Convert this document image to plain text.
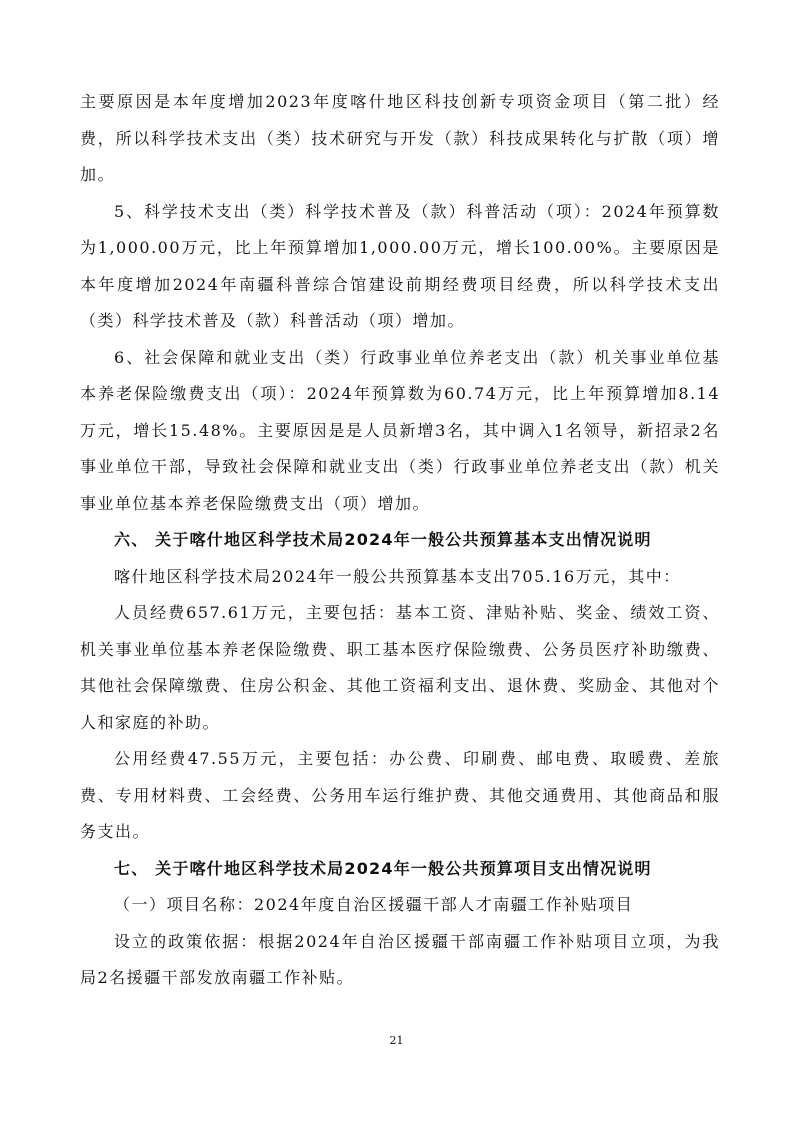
主要原因是本年度增加2023年度喀什地区科技创新专项资金项目（第二批）经费，所以科学技术支出（类）技术研究与开发（款）科技成果转化与扩散（项）增加。

5、科学技术支出（类）科学技术普及（款）科普活动（项）：2024年预算数为1,000.00万元，比上年预算增加1,000.00万元，增长100.00%。主要原因是本年度增加2024年南疆科普综合馆建设前期经费项目经费，所以科学技术支出（类）科学技术普及（款）科普活动（项）增加。

6、社会保障和就业支出（类）行政事业单位养老支出（款）机关事业单位基本养老保险缴费支出（项）：2024年预算数为60.74万元，比上年预算增加8.14万元，增长15.48%。主要原因是是人员新增3名，其中调入1名领导，新招录2名事业单位干部，导致社会保障和就业支出（类）行政事业单位养老支出（款）机关事业单位基本养老保险缴费支出（项）增加。

六、 关于喀什地区科学技术局2024年一般公共预算基本支出情况说明

喀什地区科学技术局2024年一般公共预算基本支出705.16万元，其中：

人员经费657.61万元，主要包括：基本工资、津贴补贴、奖金、绩效工资、机关事业单位基本养老保险缴费、职工基本医疗保险缴费、公务员医疗补助缴费、其他社会保障缴费、住房公积金、其他工资福利支出、退休费、奖励金、其他对个人和家庭的补助。

公用经费47.55万元，主要包括：办公费、印刷费、邮电费、取暖费、差旅费、专用材料费、工会经费、公务用车运行维护费、其他交通费用、其他商品和服务支出。

七、 关于喀什地区科学技术局2024年一般公共预算项目支出情况说明

（一）项目名称：2024年度自治区援疆干部人才南疆工作补贴项目

设立的政策依据：根据2024年自治区援疆干部南疆工作补贴项目立项，为我局2名援疆干部发放南疆工作补贴。

21
